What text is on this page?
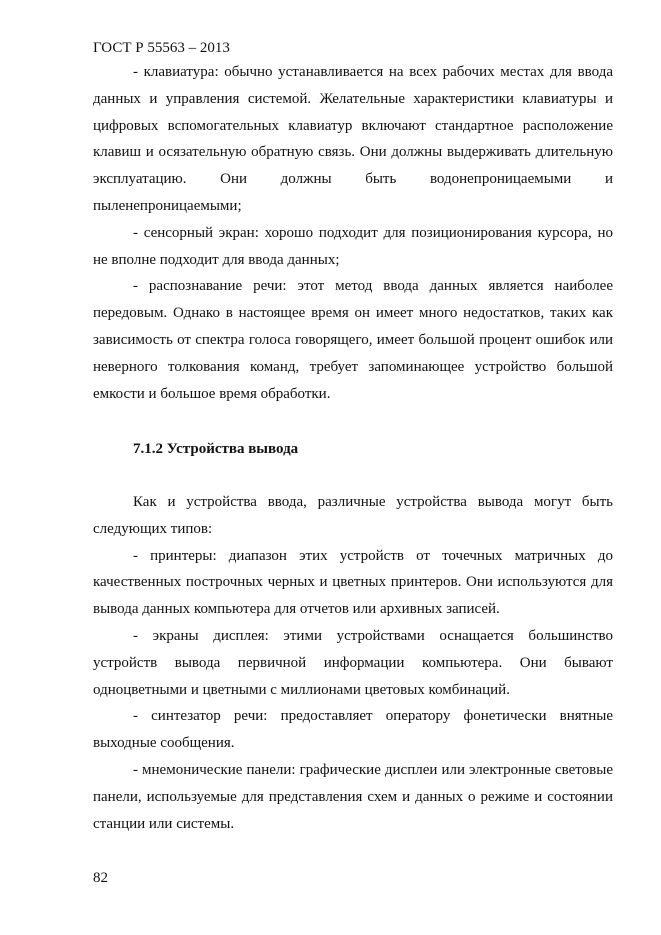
ГОСТ Р 55563 – 2013

- клавиатура: обычно устанавливается на всех рабочих местах для ввода данных и управления системой. Желательные характеристики клавиатуры и цифровых вспомогательных клавиатур включают стандартное расположение клавиш и осязательную обратную связь. Они должны выдерживать длительную эксплуатацию. Они должны быть водонепроницаемыми и пыленепроницаемыми;

- сенсорный экран: хорошо подходит для позиционирования курсора, но не вполне подходит для ввода данных;

- распознавание речи: этот метод ввода данных является наиболее передовым. Однако в настоящее время он имеет много недостатков, таких как зависимость от спектра голоса говорящего, имеет большой процент ошибок или неверного толкования команд, требует запоминающее устройство большой емкости и большое время обработки.

7.1.2 Устройства вывода

Как и устройства ввода, различные устройства вывода могут быть следующих типов:

- принтеры: диапазон этих устройств от точечных матричных до качественных построчных черных и цветных принтеров. Они используются для вывода данных компьютера для отчетов или архивных записей.

- экраны дисплея: этими устройствами оснащается большинство устройств вывода первичной информации компьютера. Они бывают одноцветными и цветными с миллионами цветовых комбинаций.

- синтезатор речи: предоставляет оператору фонетически внятные выходные сообщения.

- мнемонические панели: графические дисплеи или электронные световые панели, используемые для представления схем и данных о режиме и состоянии станции или системы.

82
